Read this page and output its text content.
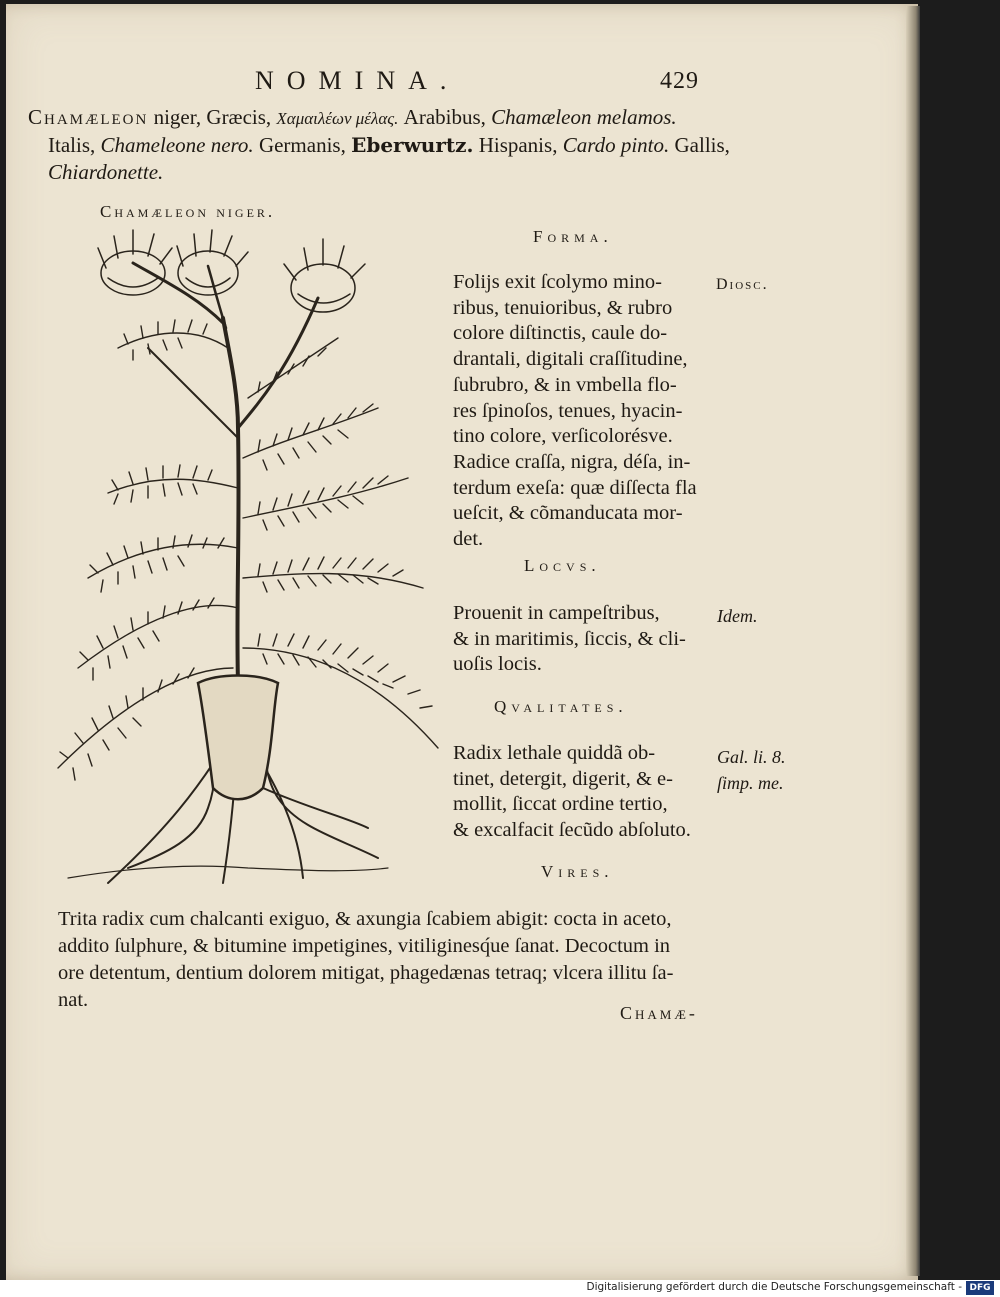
NOMINA.	429
Chamæleon niger, Græcis, Χαμαιλέων μέλας. Arabibus, Chamæleon melamos.
Italis, Chameleone nero. Germanis, Eberwurtz. Hispanis, Cardo pinto. Gallis,
Chiardonette.
Chamæleon niger.
Forma.
Folijs exit ſcolymo mino-
ribus, tenuioribus, & rubro
colore diſtinctis, caule do-
drantali, digitali craſſitudine,
ſubrubro, & in vmbella flo-
res ſpinoſos, tenues, hyacin-
tino colore, verſicolorésve.
Radice craſſa, nigra, déſa, in-
terdum exeſa: quæ diſſecta fla
ueſcit, & cõmanducata mor-
det.
Diosc.
Locvs.
Prouenit in campeſtribus,
& in maritimis, ſiccis, & cli-
uoſis locis.
Idem.
Qvalitates.
Radix lethale quiddã ob-
tinet, detergit, digerit, & e-
mollit, ſiccat ordine tertio,
& excalfacit ſecũdo abſoluto.
Gal. li. 8.
ſimp. me.
Vires.
Trita radix cum chalcanti exiguo, & axungia ſcabiem abigit: cocta in aceto,
addito ſulphure, & bitumine impetigines, vitiliginesq́ue ſanat. Decoctum in
ore detentum, dentium dolorem mitigat, phagedænas tetraq; vlcera illitu ſa-
nat.
Chamæ-
Digitalisierung gefördert durch die Deutsche Forschungsgemeinschaft - DFG
